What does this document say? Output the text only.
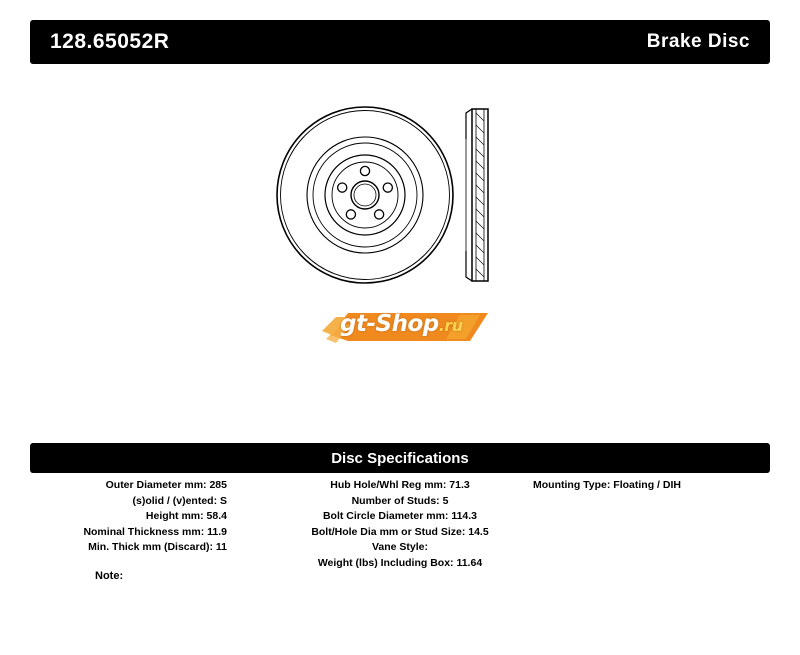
128.65052R	Brake Disc
gt-Shop.ru
Disc Specifications
Outer Diameter mm: 285
(s)olid / (v)ented: S
Height mm: 58.4
Nominal Thickness mm: 11.9
Min. Thick mm (Discard): 11
Hub Hole/Whl Reg mm: 71.3
Number of Studs: 5
Bolt Circle Diameter mm: 114.3
Bolt/Hole Dia mm or Stud Size: 14.5
Vane Style:
Weight (lbs) Including Box: 11.64
Mounting Type: Floating / DIH
Note:
